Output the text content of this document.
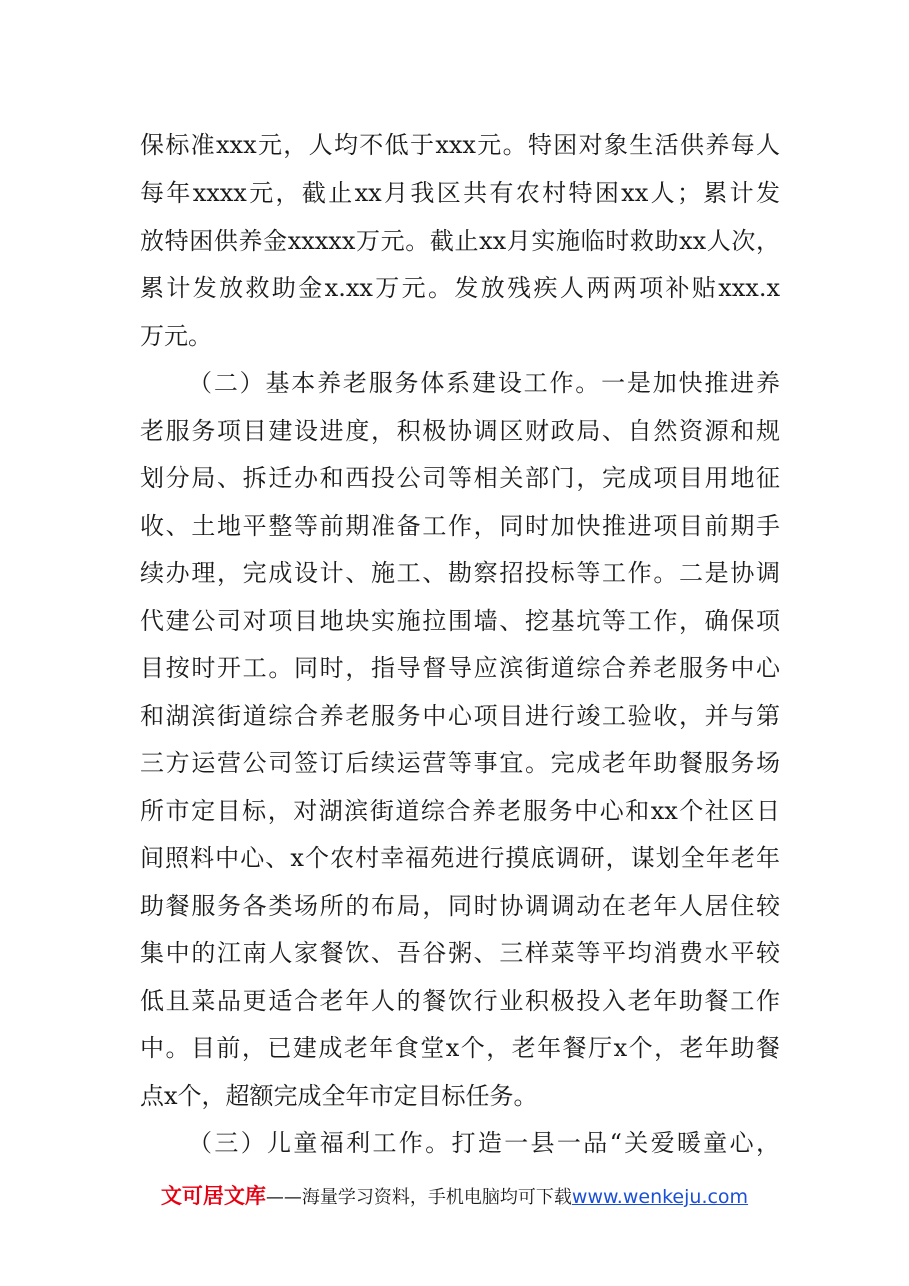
保标准xxx元，人均不低于xxx元。特困对象生活供养每人
每年xxxx元，截止xx月我区共有农村特困xx人；累计发
放特困供养金xxxxx万元。截止xx月实施临时救助xx人次，
累计发放救助金x.xx万元。发放残疾人两两项补贴xxx.x
万元。
（二）基本养老服务体系建设工作。一是加快推进养
老服务项目建设进度，积极协调区财政局、自然资源和规
划分局、拆迁办和西投公司等相关部门，完成项目用地征
收、土地平整等前期准备工作，同时加快推进项目前期手
续办理，完成设计、施工、勘察招投标等工作。二是协调
代建公司对项目地块实施拉围墙、挖基坑等工作，确保项
目按时开工。同时，指导督导应滨街道综合养老服务中心
和湖滨街道综合养老服务中心项目进行竣工验收，并与第
三方运营公司签订后续运营等事宜。完成老年助餐服务场
所市定目标，对湖滨街道综合养老服务中心和xx个社区日
间照料中心、x个农村幸福苑进行摸底调研，谋划全年老年
助餐服务各类场所的布局，同时协调调动在老年人居住较
集中的江南人家餐饮、吾谷粥、三样菜等平均消费水平较
低且菜品更适合老年人的餐饮行业积极投入老年助餐工作
中。目前，已建成老年食堂x个，老年餐厅x个，老年助餐
点x个，超额完成全年市定目标任务。
（三）儿童福利工作。打造一县一品“关爱暖童心，
文可居文库——海量学习资料，手机电脑均可下载www.wenkeju.com
